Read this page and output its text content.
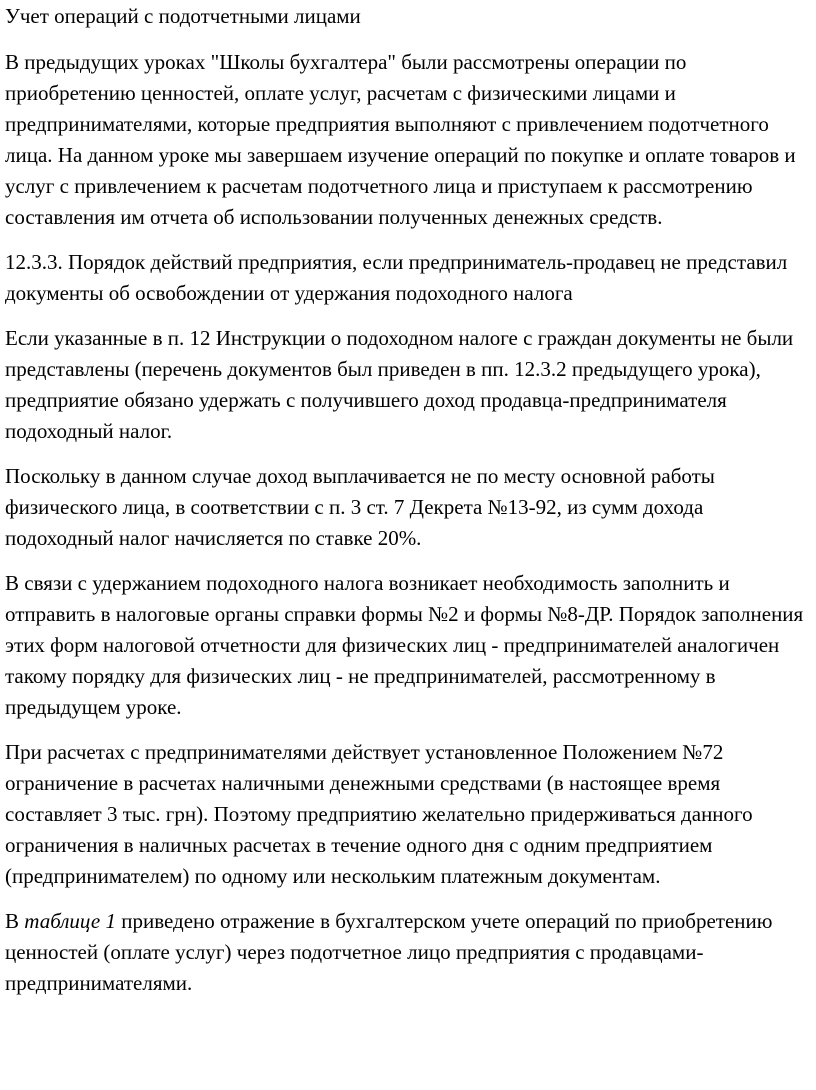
Учет операций с подотчетными лицами

В предыдущих уроках "Школы бухгалтера" были рассмотрены операции по приобретению ценностей, оплате услуг, расчетам с физическими лицами и предпринимателями, которые предприятия выполняют с привлечением подотчетного лица. На данном уроке мы завершаем изучение операций по покупке и оплате товаров и услуг с привлечением к расчетам подотчетного лица и приступаем к рассмотрению составления им отчета об использовании полученных денежных средств.

12.3.3. Порядок действий предприятия, если предприниматель-продавец не представил документы об освобождении от удержания подоходного налога

Если указанные в п. 12 Инструкции о подоходном налоге с граждан документы не были представлены (перечень документов был приведен в пп. 12.3.2 предыдущего урока), предприятие обязано удержать с получившего доход продавца-предпринимателя подоходный налог.

Поскольку в данном случае доход выплачивается не по месту основной работы физического лица, в соответствии с п. 3 ст. 7 Декрета №13-92, из сумм дохода подоходный налог начисляется по ставке 20%.

В связи с удержанием подоходного налога возникает необходимость заполнить и отправить в налоговые органы справки формы №2 и формы №8-ДР. Порядок заполнения этих форм налоговой отчетности для физических лиц - предпринимателей аналогичен такому порядку для физических лиц - не предпринимателей, рассмотренному в предыдущем уроке.

При расчетах с предпринимателями действует установленное Положением №72 ограничение в расчетах наличными денежными средствами (в настоящее время составляет 3 тыс. грн). Поэтому предприятию желательно придерживаться данного ограничения в наличных расчетах в течение одного дня с одним предприятием (предпринимателем) по одному или нескольким платежным документам.

В таблице 1 приведено отражение в бухгалтерском учете операций по приобретению ценностей (оплате услуг) через подотчетное лицо предприятия с продавцами-предпринимателями.
